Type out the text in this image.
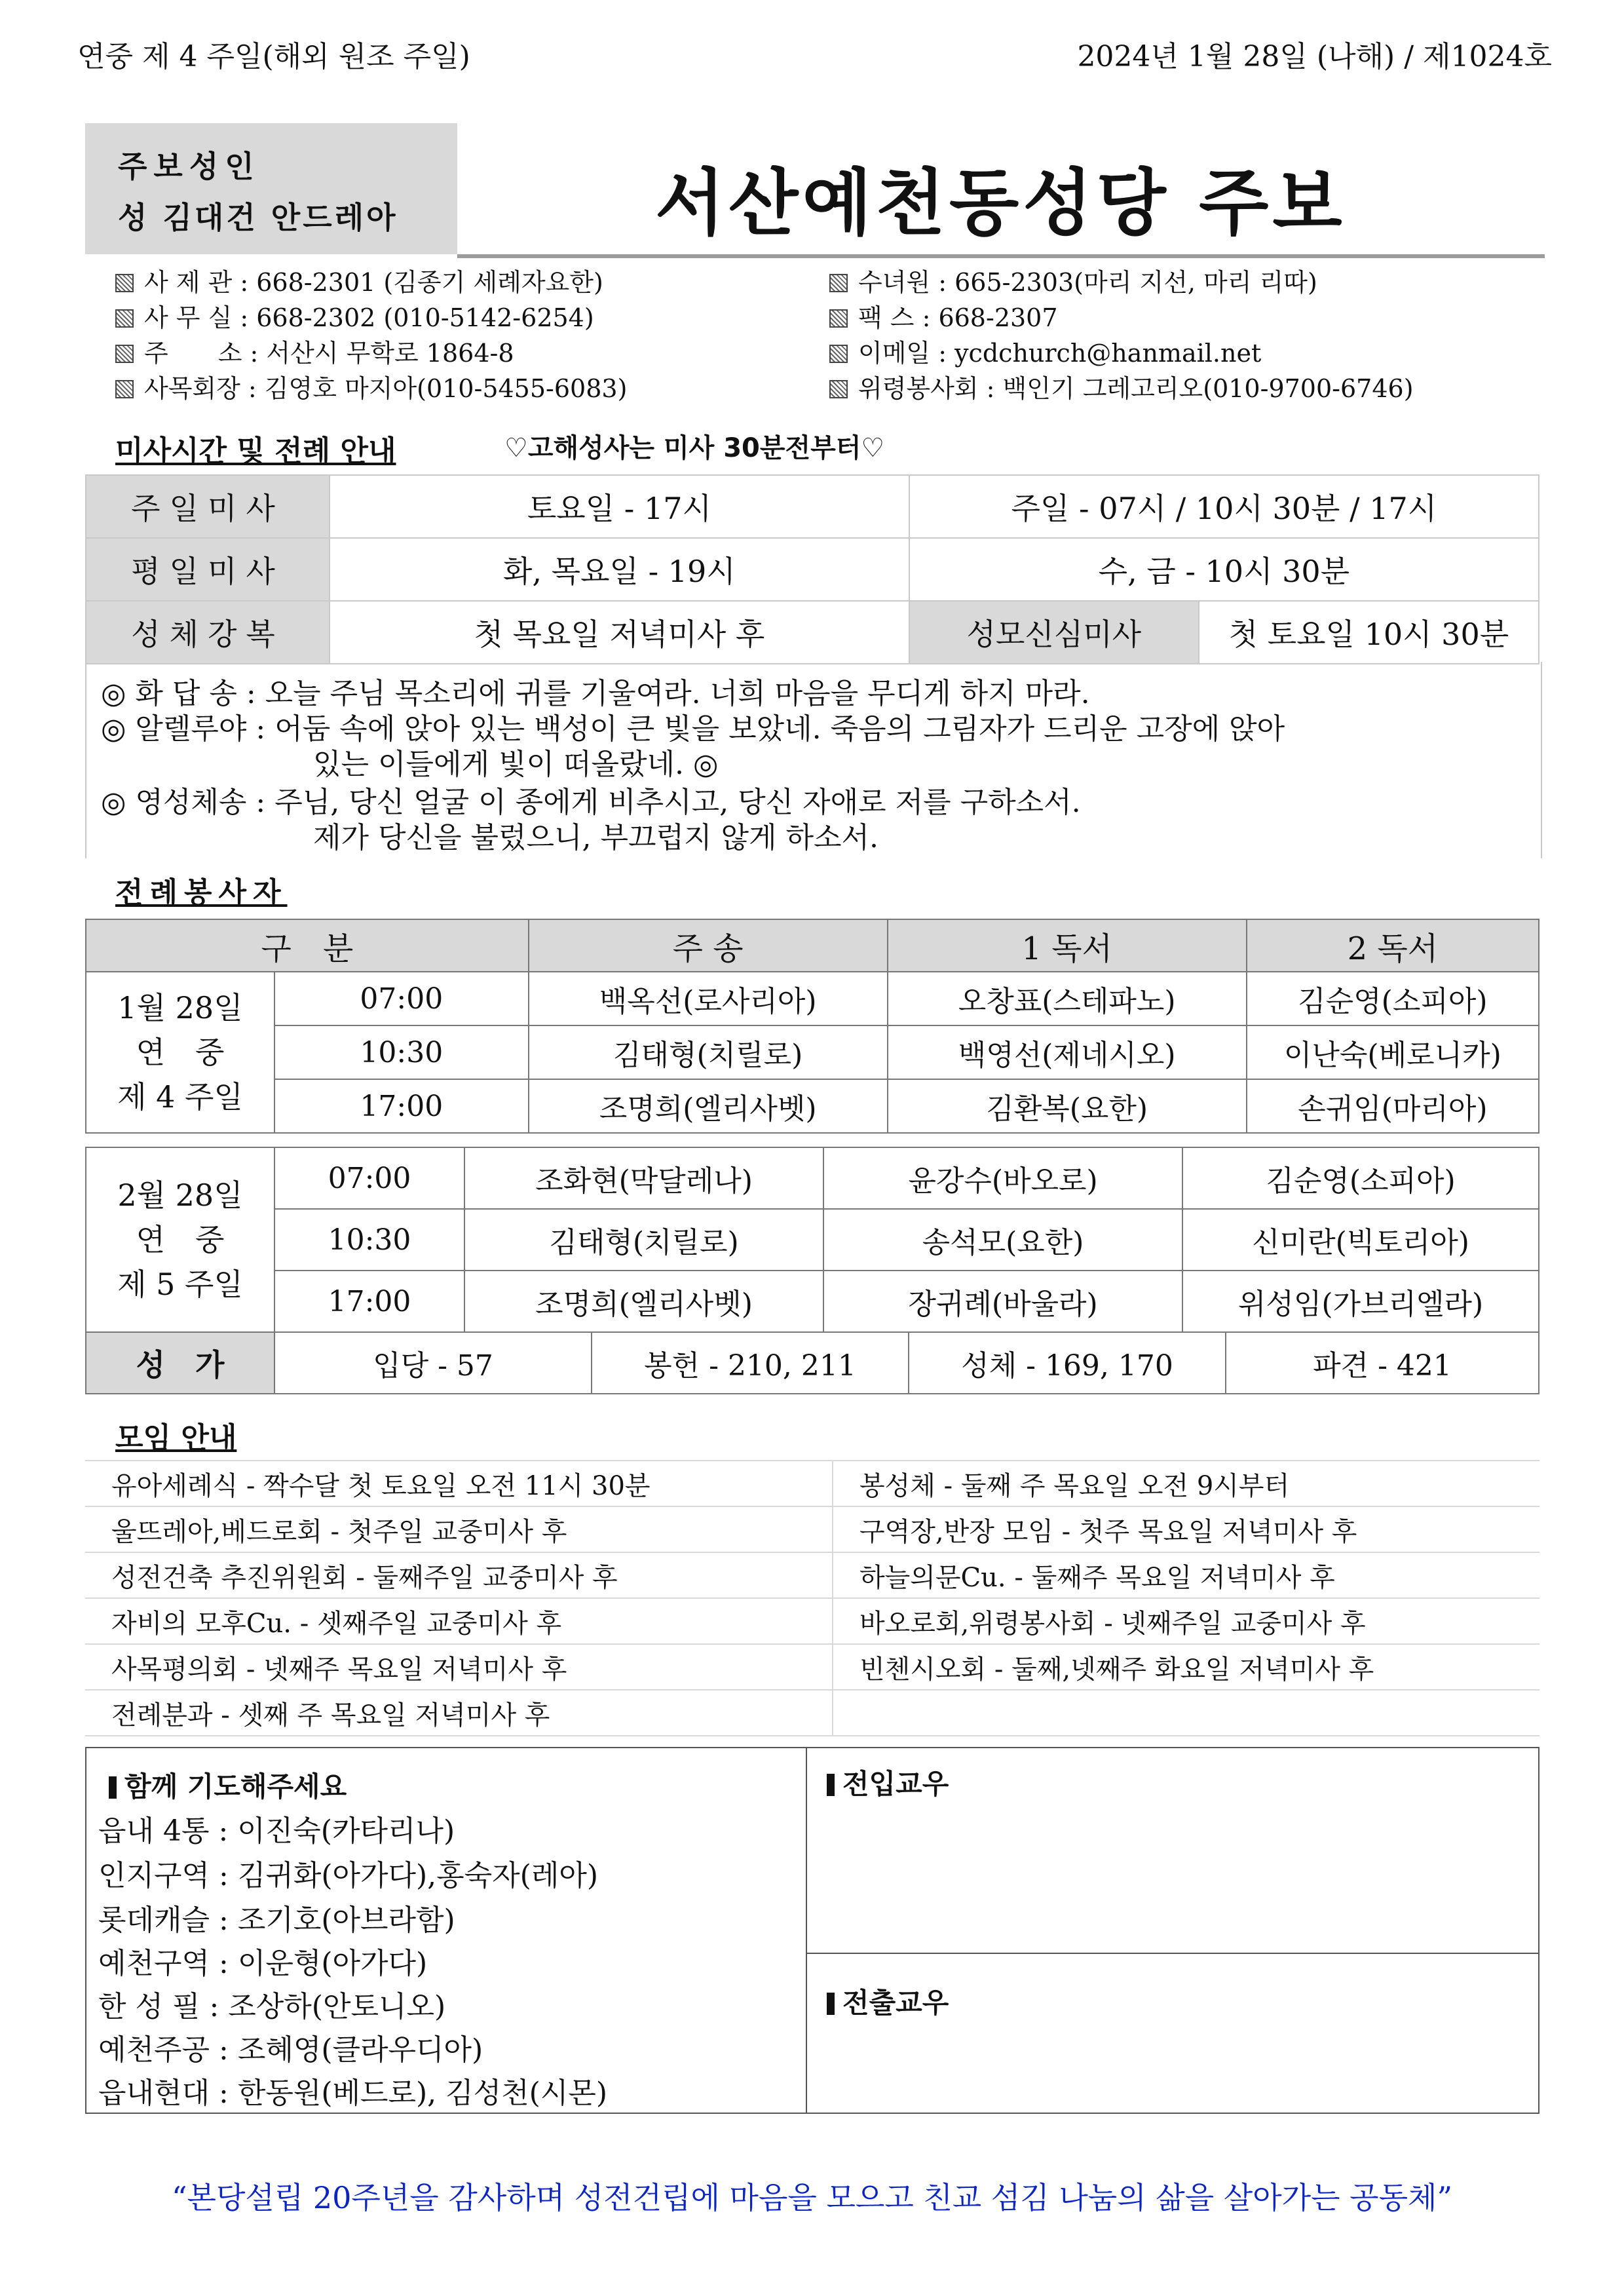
연중 제 4 주일(해외 원조 주일)	2024년 1월 28일 (나해) / 제1024호
주보성인
성 김대건 안드레아	서산예천동성당 주보
사 제 관 : 668-2301 (김종기 세례자요한)
사 무 실 : 668-2302 (010-5142-6254)
주　　소 : 서산시 무학로 1864-8
사목회장 : 김영호 마지아(010-5455-6083)
수녀원 : 665-2303(마리 지선, 마리 리따)
팩 스 : 668-2307
이메일 : ycdchurch@hanmail.net
위령봉사회 : 백인기 그레고리오(010-9700-6746)
미사시간 및 전례 안내	♡고해성사는 미사 30분전부터♡
주일미사	토요일 - 17시	주일 - 07시 / 10시 30분 / 17시	
평일미사	화, 목요일 - 19시	수, 금 - 10시 30분	
성체강복	첫 목요일 저녁미사 후	성모신심미사	첫 토요일 10시 30분
◎ 화 답 송 : 오늘 주님 목소리에 귀를 기울여라. 너희 마음을 무디게 하지 마라.
◎ 알렐루야 : 어둠 속에 앉아 있는 백성이 큰 빛을 보았네. 죽음의 그림자가 드리운 고장에 앉아
있는 이들에게 빛이 떠올랐네. ◎
◎ 영성체송 : 주님, 당신 얼굴 이 종에게 비추시고, 당신 자애로 저를 구하소서.
제가 당신을 불렀으니, 부끄럽지 않게 하소서.
전례봉사자
구　분		주 송	1 독서	2 독서

1월 28일
연　중
제 4 주일	07:00	백옥선(로사리아)	오창표(스테파노)	김순영(소피아)
	10:30	김태형(치릴로)	백영선(제네시오)	이난숙(베로니카)
	17:00	조명희(엘리사벳)	김환복(요한)	손귀임(마리아)
2월 28일
연　중
제 5 주일	07:00	조화현(막달레나)	윤강수(바오로)	김순영(소피아)
	10:30	김태형(치릴로)	송석모(요한)	신미란(빅토리아)
	17:00	조명희(엘리사벳)	장귀례(바울라)	위성임(가브리엘라)
성　가	입당 - 57	봉헌 - 210, 211	성체 - 169, 170	파견 - 421
모임 안내
유아세례식 - 짝수달 첫 토요일 오전 11시 30분	봉성체 - 둘째 주 목요일 오전 9시부터
울뜨레아,베드로회 - 첫주일 교중미사 후	구역장,반장 모임 - 첫주 목요일 저녁미사 후
성전건축 추진위원회 - 둘째주일 교중미사 후	하늘의문Cu. - 둘째주 목요일 저녁미사 후
자비의 모후Cu. - 셋째주일 교중미사 후	바오로회,위령봉사회 - 넷째주일 교중미사 후
사목평의회 - 넷째주 목요일 저녁미사 후	빈첸시오회 - 둘째,넷째주 화요일 저녁미사 후
전례분과 - 셋째 주 목요일 저녁미사 후	
함께 기도해주세요
읍내 4통 : 이진숙(카타리나)
인지구역 : 김귀화(아가다),홍숙자(레아)
롯데캐슬 : 조기호(아브라함)
예천구역 : 이운형(아가다)
한 성 필 : 조상하(안토니오)
예천주공 : 조혜영(클라우디아)
읍내현대 : 한동원(베드로), 김성천(시몬)
전입교우
전출교우
“본당설립 20주년을 감사하며 성전건립에 마음을 모으고 친교 섬김 나눔의 삶을 살아가는 공동체”
